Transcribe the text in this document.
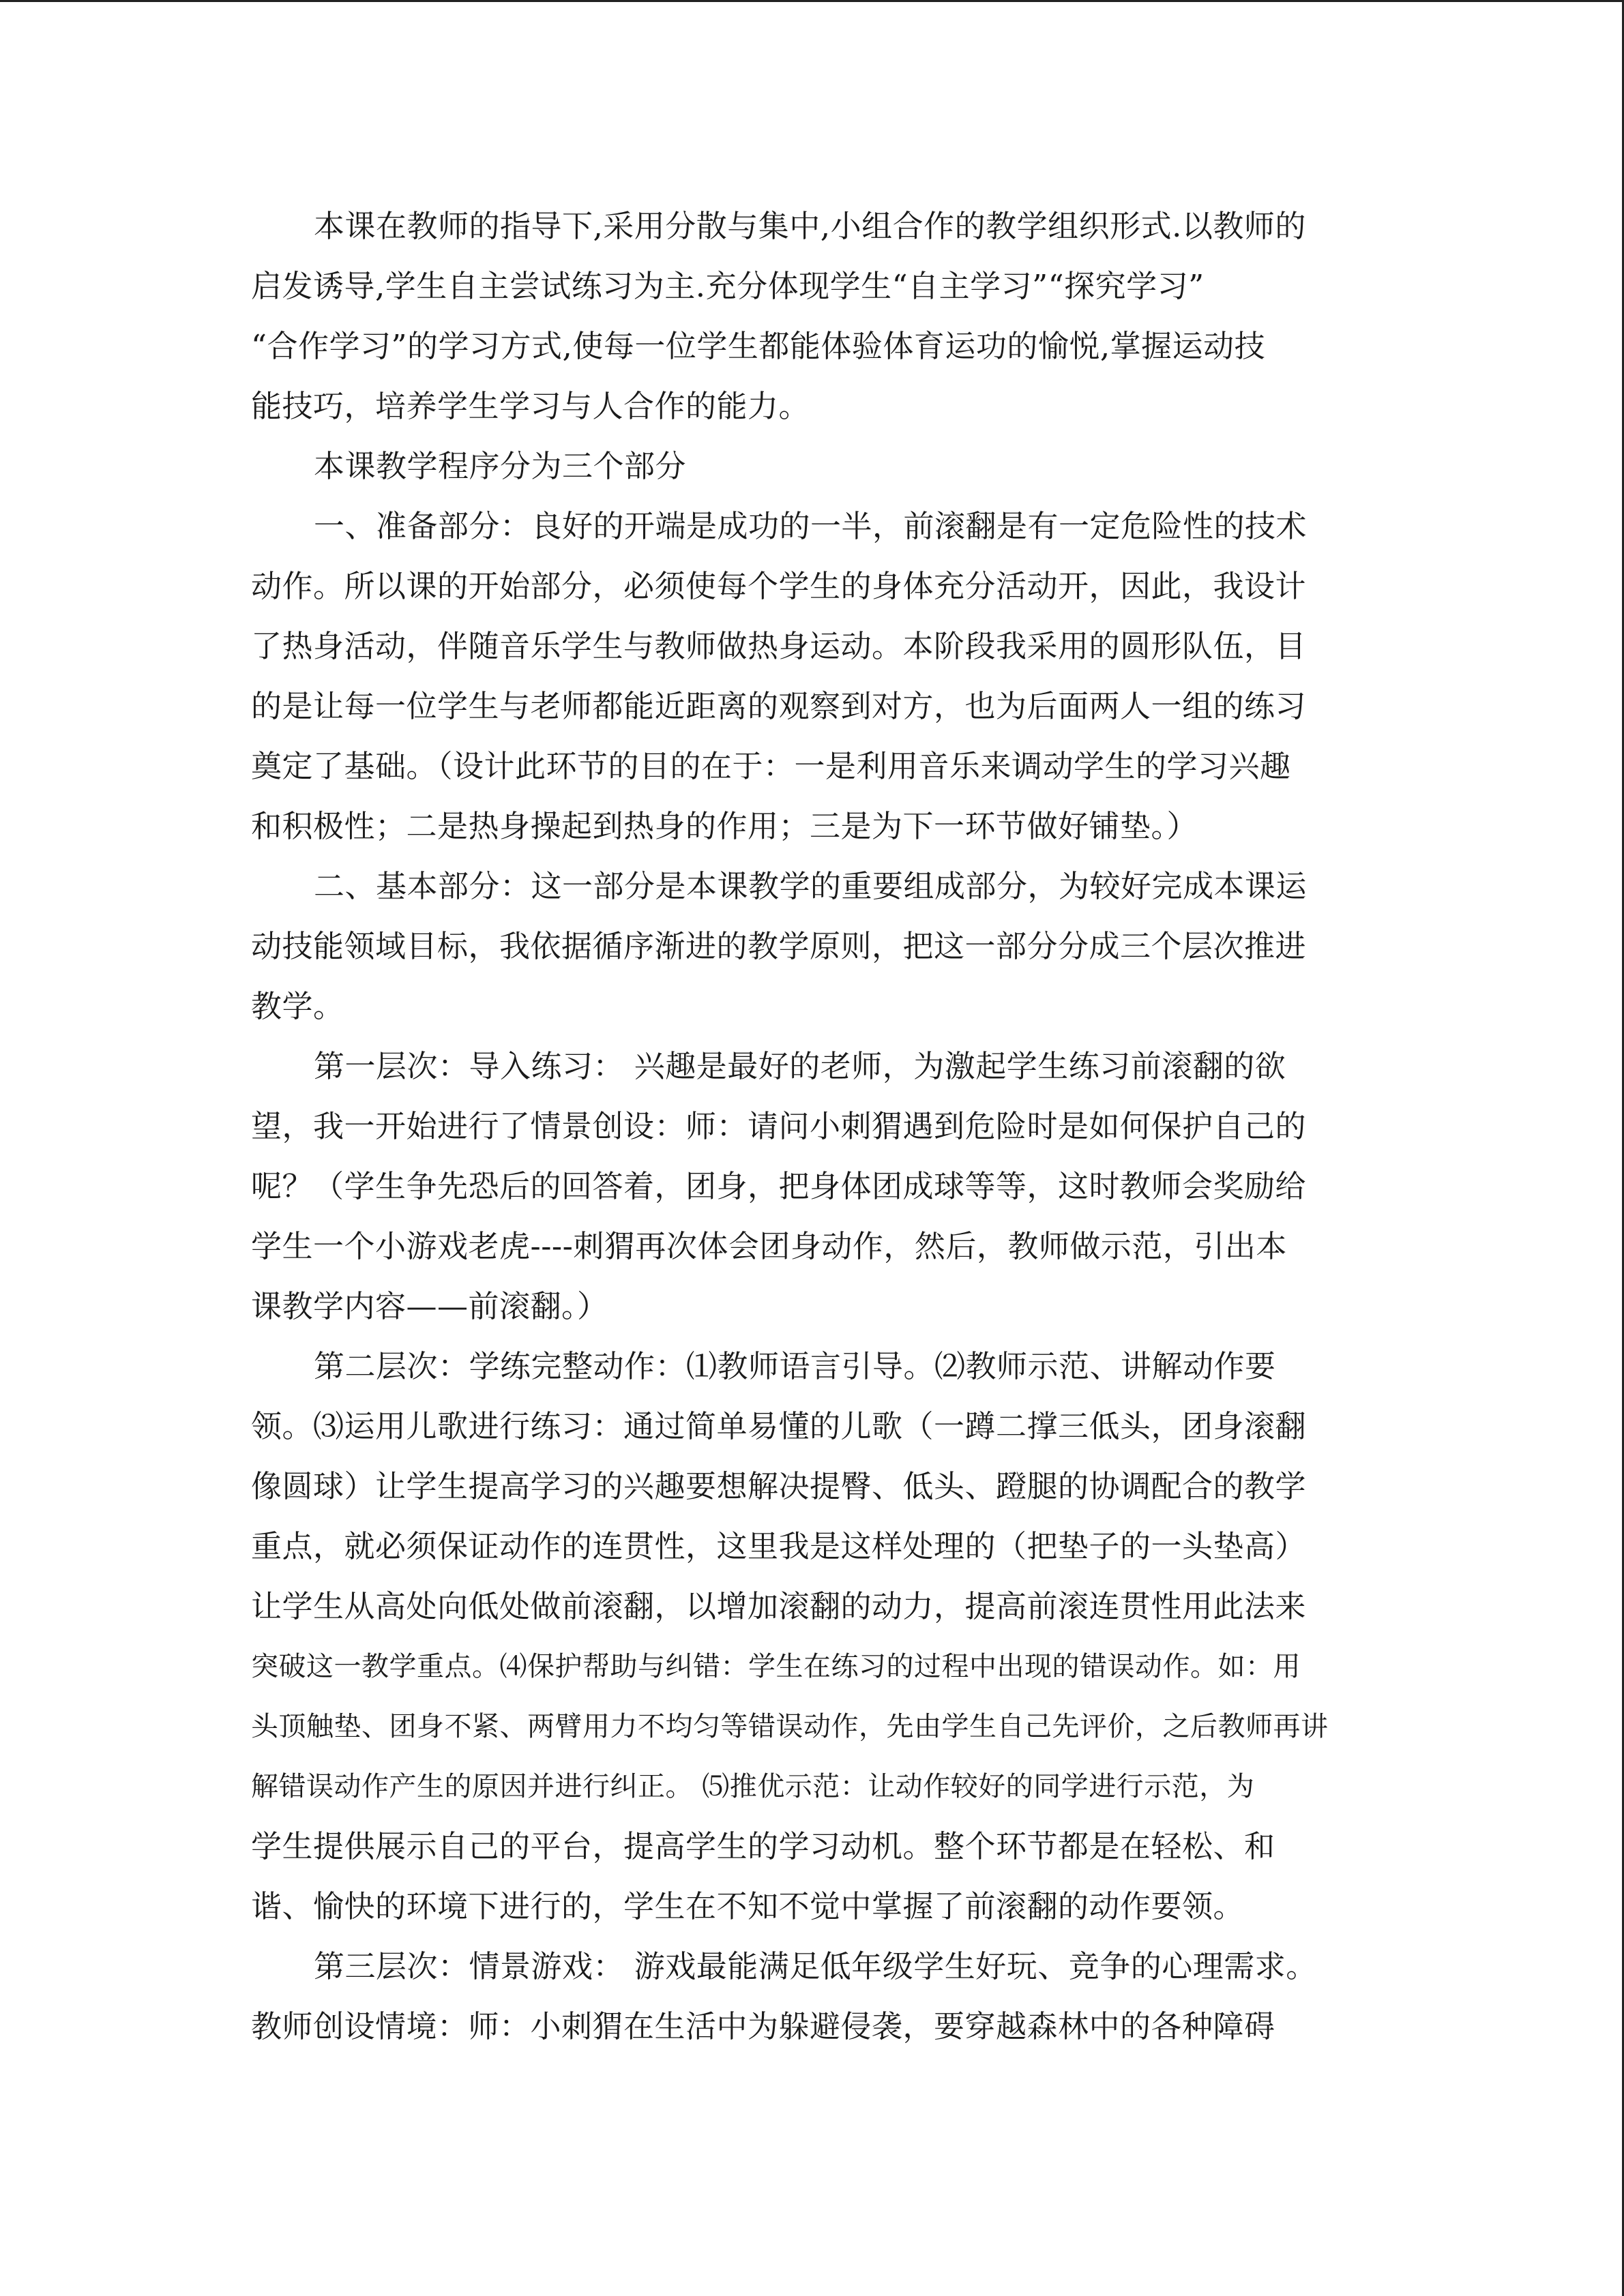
本课在教师的指导下,采用分散与集中,小组合作的教学组织形式.以教师的
启发诱导,学生自主尝试练习为主.充分体现学生“自主学习”“探究学习”
“合作学习”的学习方式,使每一位学生都能体验体育运功的愉悦,掌握运动技
能技巧，培养学生学习与人合作的能力。
本课教学程序分为三个部分
一、准备部分：良好的开端是成功的一半，前滚翻是有一定危险性的技术
动作。所以课的开始部分，必须使每个学生的身体充分活动开，因此，我设计
了热身活动，伴随音乐学生与教师做热身运动。本阶段我采用的圆形队伍，目
的是让每一位学生与老师都能近距离的观察到对方，也为后面两人一组的练习
奠定了基础。（设计此环节的目的在于：一是利用音乐来调动学生的学习兴趣
和积极性；二是热身操起到热身的作用；三是为下一环节做好铺垫。）
二、基本部分：这一部分是本课教学的重要组成部分，为较好完成本课运
动技能领域目标，我依据循序渐进的教学原则，把这一部分分成三个层次推进
教学。
第一层次：导入练习： 兴趣是最好的老师，为激起学生练习前滚翻的欲
望，我一开始进行了情景创设：师：请问小刺猬遇到危险时是如何保护自己的
呢？（学生争先恐后的回答着，团身，把身体团成球等等，这时教师会奖励给
学生一个小游戏老虎----刺猬再次体会团身动作，然后，教师做示范，引出本
课教学内容——前滚翻。）
第二层次：学练完整动作：⑴教师语言引导。⑵教师示范、讲解动作要
领。⑶运用儿歌进行练习：通过简单易懂的儿歌（一蹲二撑三低头，团身滚翻
像圆球）让学生提高学习的兴趣要想解决提臀、低头、蹬腿的协调配合的教学
重点，就必须保证动作的连贯性，这里我是这样处理的（把垫子的一头垫高）
让学生从高处向低处做前滚翻，以增加滚翻的动力，提高前滚连贯性用此法来
突破这一教学重点。⑷保护帮助与纠错：学生在练习的过程中出现的错误动作。如：用
头顶触垫、团身不紧、两臂用力不均匀等错误动作，先由学生自己先评价，之后教师再讲
解错误动作产生的原因并进行纠正。 ⑸推优示范：让动作较好的同学进行示范，为
学生提供展示自己的平台，提高学生的学习动机。整个环节都是在轻松、和
谐、愉快的环境下进行的，学生在不知不觉中掌握了前滚翻的动作要领。
第三层次：情景游戏： 游戏最能满足低年级学生好玩、竞争的心理需求。
教师创设情境：师：小刺猬在生活中为躲避侵袭，要穿越森林中的各种障碍
